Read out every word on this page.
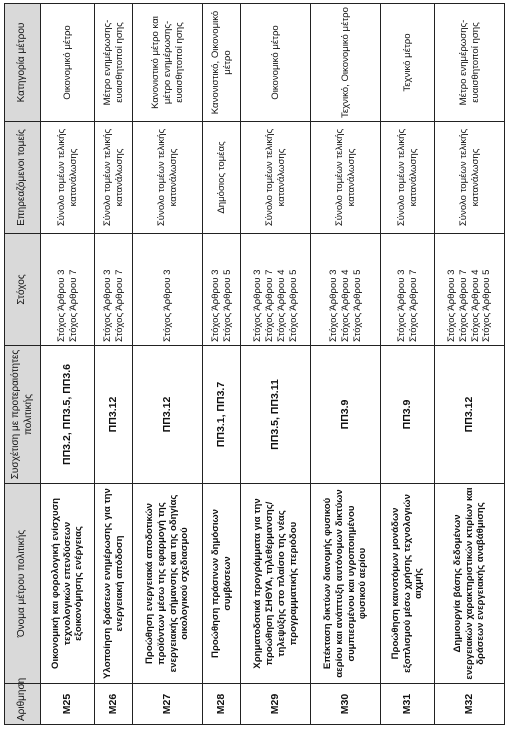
Αριθμηση	Όνομα μέτρου πολιτικής	Συσχέτιση με προτεραιότητες πολιτικής	Στόχος	Επηρεαζόμενοι τομείς	Κατηγορία μέτρου
M25	Οικονομική και φορολογική ενίσχυση τεχνολογικών επενδύσεων εξοικονόμησης ενέργειας	ΠΠ3.2, ΠΠ3.5, ΠΠ3.6	Στόχος Άρθρου 3 Στόχος Άρθρου 7	Σύνολο τομέων τελικής κατανάλωσης	Οικονομικό μέτρο
M26	Υλοποίηση δράσεων ενημέρωσης για την ενεργειακή απόδοση	ΠΠ3.12	Στόχος Άρθρου 3 Στόχος Άρθρου 7	Σύνολο τομέων τελικής κατανάλωσης	Μέτρο ενημέρωσης-ευαισθητοποί ησης
M27	Προώθηση ενεργειακά αποδοτικών προϊόντων μέσω της εφαρμογή της ενεργειακής σήμανσης και της οδηγίας οικολογικού σχεδιασμού	ΠΠ3.12	Στόχος Άρθρου 3	Σύνολο τομέων τελικής κατανάλωσης	Κανονιστικό μέτρο και μέτρο ενημέρωσης-ευαισθητοποί ησης
M28	Προώθηση πράσινων δημόσιων συμβάσεων	ΠΠ3.1, ΠΠ3.7	Στόχος Άρθρου 3 Στόχος Άρθρου 5	Δημόσιος τομέας	Κανονιστικό, Οικονομικό μέτρο
M29	Χρηματοδοτικά προγράμματα για την προώθηση ΣΗΘΥΑ, τηλεθέρμανσης/τηλεψύξης στο πλαίσιο της νέας προγραμματικής περιόδου	ΠΠ3.5, ΠΠ3.11	Στόχος Άρθρου 3 Στόχος Άρθρου 7 Στόχος Άρθρου 4 Στόχος Άρθρου 5	Σύνολο τομέων τελικής κατανάλωσης	Οικονομικό μέτρο
M30	Επέκταση δικτύων διανομής φυσικού αερίου και ανάπτυξη αυτόνομων δικτύων συμπιεσμένου και υγροποιημένου φυσικού αερίου	ΠΠ3.9	Στόχος Άρθρου 3 Στόχος Άρθρου 4 Στόχος Άρθρου 5	Σύνολο τομέων τελικής κατανάλωσης	Τεχνικό, Οικονομικό μέτρο
M31	Προώθηση καινοτόμων μονάδων εξοπλισμού μέσω χρήσης τεχνολογιών αιχμής	ΠΠ3.9	Στόχος Άρθρου 3 Στόχος Άρθρου 7	Σύνολο τομέων τελικής κατανάλωσης	Τεχνικό μέτρο
M32	Δημιουργία βάσης δεδομένων ενεργειακών χαρακτηριστικών κτιρίων και δράσεων ενεργειακής αναβάθμισης	ΠΠ3.12	Στόχος Άρθρου 3 Στόχος Άρθρου 7 Στόχος Άρθρου 4 Στόχος Άρθρου 5	Σύνολο τομέων τελικής κατανάλωσης	Μέτρο ενημέρωσης-ευαισθητοποί ησης
